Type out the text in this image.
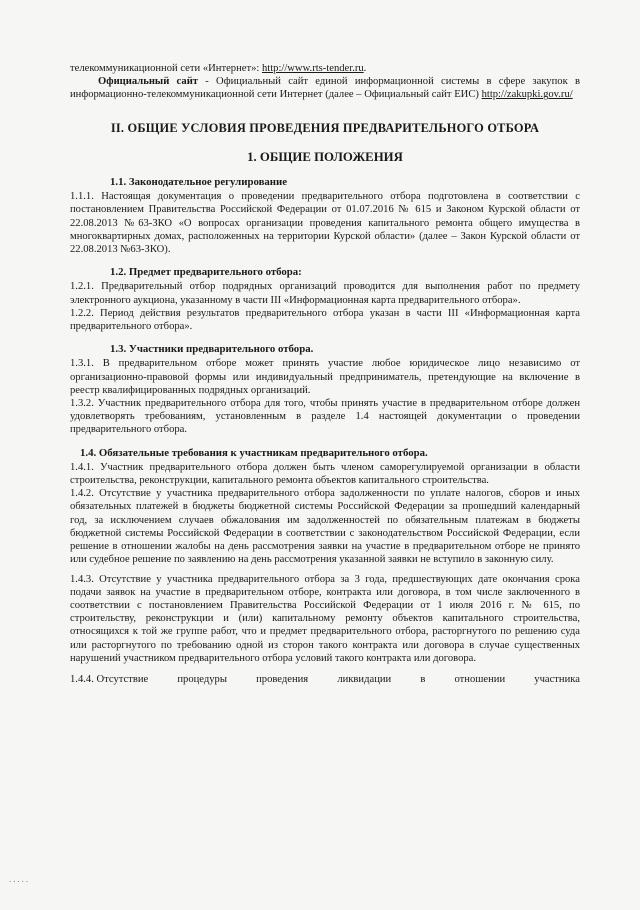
телекоммуникационной сети «Интернет»: http://www.rts-tender.ru.

Официальный сайт - Официальный сайт единой информационной системы в сфере закупок в информационно-телекоммуникационной сети Интернет (далее – Официальный сайт ЕИС) http://zakupki.gov.ru/

II. ОБЩИЕ УСЛОВИЯ ПРОВЕДЕНИЯ ПРЕДВАРИТЕЛЬНОГО ОТБОРА
1. ОБЩИЕ ПОЛОЖЕНИЯ
1.1. Законодательное регулирование

1.1.1. Настоящая документация о проведении предварительного отбора подготовлена в соответствии с постановлением Правительства Российской Федерации от 01.07.2016 № 615 и Законом Курской области от 22.08.2013 №63-ЗКО «О вопросах организации проведения капитального ремонта общего имущества в многоквартирных домах, расположенных на территории Курской области» (далее – Закон Курской области от 22.08.2013 №63-ЗКО).

1.2. Предмет предварительного отбора:

1.2.1. Предварительный отбор подрядных организаций проводится для выполнения работ по предмету электронного аукциона, указанному в части III «Информационная карта предварительного отбора».

1.2.2. Период действия результатов предварительного отбора указан в части III «Информационная карта предварительного отбора».

1.3. Участники предварительного отбора.

1.3.1. В предварительном отборе может принять участие любое юридическое лицо независимо от организационно-правовой формы или индивидуальный предприниматель, претендующие на включение в реестр квалифицированных подрядных организаций.

1.3.2. Участник предварительного отбора для того, чтобы принять участие в предварительном отборе должен удовлетворять требованиям, установленным в разделе 1.4 настоящей документации о проведении предварительного отбора.

1.4. Обязательные требования к участникам предварительного отбора.

1.4.1. Участник предварительного отбора должен быть членом саморегулируемой организации в области строительства, реконструкции, капитального ремонта объектов капитального строительства.

1.4.2. Отсутствие у участника предварительного отбора задолженности по уплате налогов, сборов и иных обязательных платежей в бюджеты бюджетной системы Российской Федерации за прошедший календарный год, за исключением случаев обжалования им задолженностей по обязательным платежам в бюджеты бюджетной системы Российской Федерации в соответствии с законодательством Российской Федерации, если решение в отношении жалобы на день рассмотрения заявки на участие в предварительном отборе не принято или судебное решение по заявлению на день рассмотрения указанной заявки не вступило в законную силу.

1.4.3. Отсутствие у участника предварительного отбора за 3 года, предшествующих дате окончания срока подачи заявок на участие в предварительном отборе, контракта или договора, в том числе заключенного в соответствии с постановлением Правительства Российской Федерации от 1 июля 2016 г. № 615, по строительству, реконструкции и (или) капитальному ремонту объектов капитального строительства, относящихся к той же группе работ, что и предмет предварительного отбора, расторгнутого по решению суда или расторгнутого по требованию одной из сторон такого контракта или договора в случае существенных нарушений участником предварительного отбора условий такого контракта или договора.

1.4.4. Отсутствие	процедуры	проведения	ликвидации	в	отношении	участника
.....
